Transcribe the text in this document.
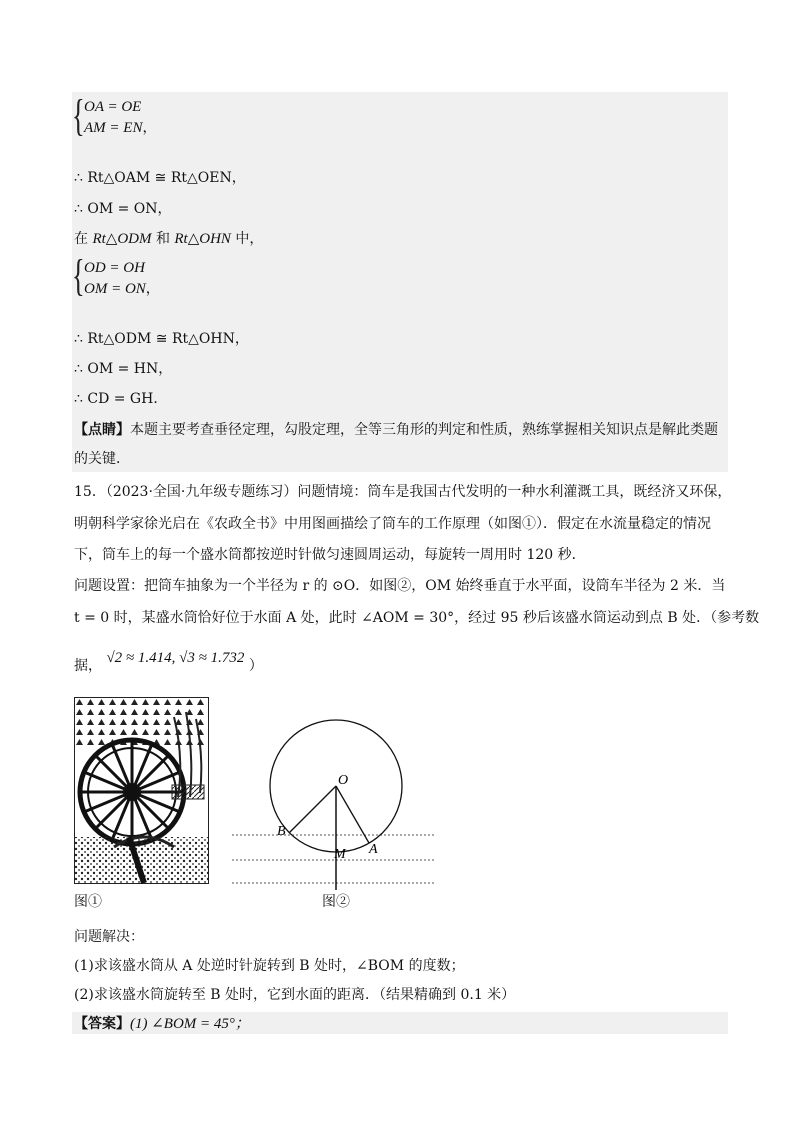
{ OA = OE
AM = EN，
∴ Rt△OAM ≅ Rt△OEN，
∴ OM = ON，
在 Rt△ODM 和 Rt△OHN 中，
{ OD = OH
OM = ON，
∴ Rt△ODM ≅ Rt△OHN，
∴ OM = HN，
∴ CD = GH．
【点睛】本题主要考查垂径定理，勾股定理，全等三角形的判定和性质，熟练掌握相关知识点是解此类题
的关键．
15．（2023·全国·九年级专题练习）问题情境：筒车是我国古代发明的一种水利灌溉工具，既经济又环保，
明朝科学家徐光启在《农政全书》中用图画描绘了筒车的工作原理（如图①）．假定在水流量稳定的情况
下，筒车上的每一个盛水筒都按逆时针做匀速圆周运动，每旋转一周用时 120 秒．
问题设置：把筒车抽象为一个半径为 r 的 ⊙O．如图②，OM 始终垂直于水平面，设筒车半径为 2 米．当
t = 0 时，某盛水筒恰好位于水面 A 处，此时 ∠AOM = 30°，经过 95 秒后该盛水筒运动到点 B 处．（参考数
据， √2 ≈ 1.414, √3 ≈ 1.732 ）
O
B
A
M
图①	图②
问题解决：
(1)求该盛水筒从 A 处逆时针旋转到 B 处时，∠BOM 的度数；
(2)求该盛水筒旋转至 B 处时，它到水面的距离．（结果精确到 0.1 米）
【答案】(1) ∠BOM = 45°；
